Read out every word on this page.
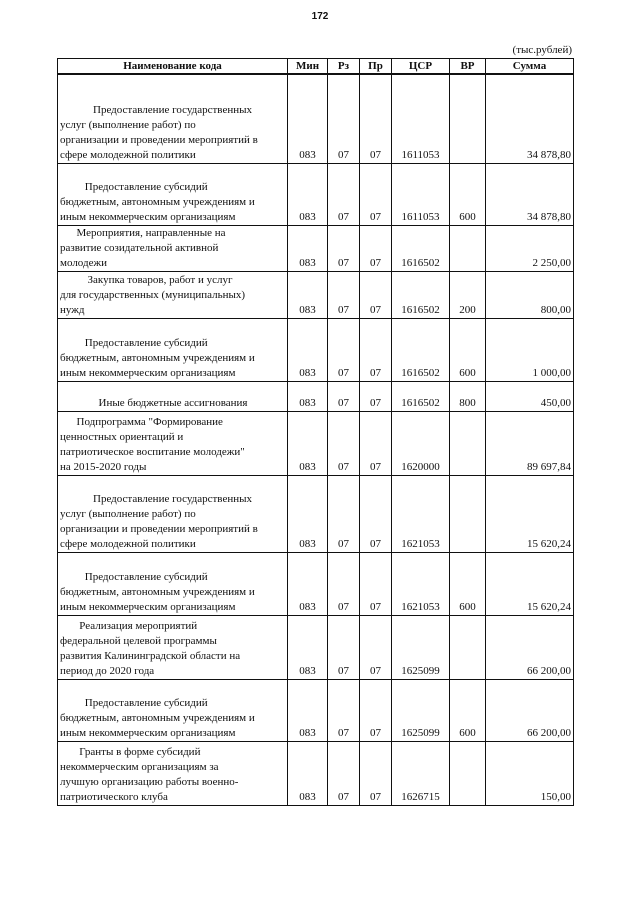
172
(тыс.рублей)
Наименование кода	Мин	Рз	Пр	ЦСР	ВР	Сумма

Предоставление государственных
услуг (выполнение работ) по
организации и проведении мероприятий в
сфере молодежной политики	083	07	07	1611053		34 878,80

Предоставление субсидий
бюджетным, автономным учреждениям и
иным некоммерческим организациям	083	07	07	1611053	600	34 878,80

Мероприятия, направленные на
развитие созидательной активной
молодежи	083	07	07	1616502		2 250,00

Закупка товаров, работ и услуг
для государственных (муниципальных)
нужд	083	07	07	1616502	200	800,00

Предоставление субсидий
бюджетным, автономным учреждениям и
иным некоммерческим организациям	083	07	07	1616502	600	1 000,00

Иные бюджетные ассигнования	083	07	07	1616502	800	450,00

Подпрограмма "Формирование
ценностных ориентаций и
патриотическое воспитание молодежи"
на 2015-2020 годы	083	07	07	1620000		89 697,84

Предоставление государственных
услуг (выполнение работ) по
организации и проведении мероприятий в
сфере молодежной политики	083	07	07	1621053		15 620,24

Предоставление субсидий
бюджетным, автономным учреждениям и
иным некоммерческим организациям	083	07	07	1621053	600	15 620,24

Реализация мероприятий
федеральной целевой программы
развития Калининградской области на
период до 2020 года	083	07	07	1625099		66 200,00

Предоставление субсидий
бюджетным, автономным учреждениям и
иным некоммерческим организациям	083	07	07	1625099	600	66 200,00

Гранты в форме субсидий
некоммерческим организациям за
лучшую организацию работы военно-
патриотического клуба	083	07	07	1626715		150,00
